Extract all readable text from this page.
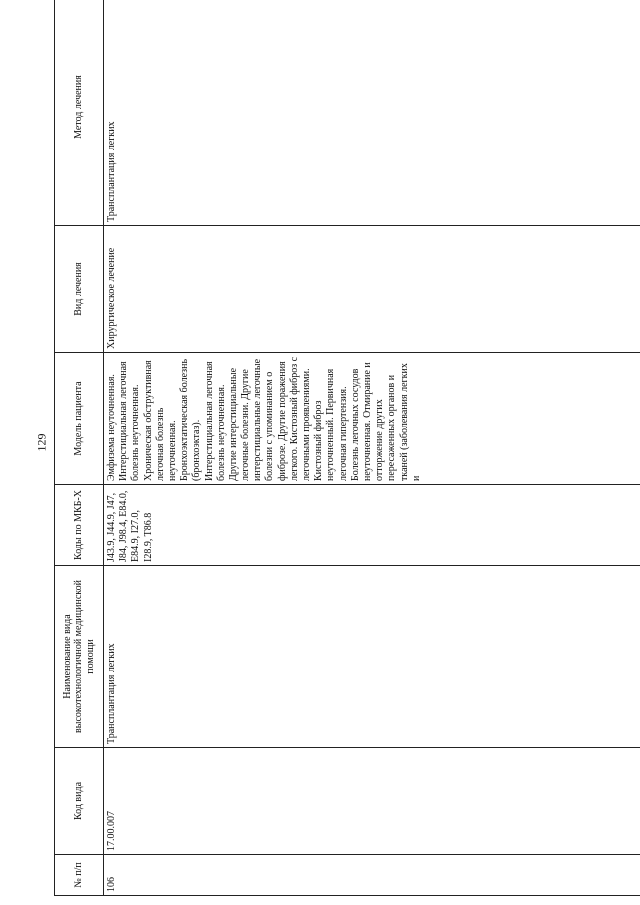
129
№ п/п	Код вида	Наименование вида высокотехнологичной медицинской помощи	Коды по МКБ-Х	Модель пациента	Вид лечения	Метод лечения
106	17.00.007	Трансплантация легких	J43.9, J44.9, J47, J84, J98.4, E84.0, E84.9, I27.0, I28.9, T86.8	Эмфизема неуточненная. Интерстициальная легочная болезнь неуточненная. Хроническая обструктивная легочная болезнь неуточненная. Бронхоэктатическая болезнь (бронхоэктаз). Интерстициальная легочная болезнь неуточненная. Другие интерстициальные легочные болезни. Другие интерстициальные легочные болезни с упоминанием о фиброзе. Другие поражения легкого. Кистозный фиброз с легочными проявлениями. Кистозный фиброз неуточненный. Первичная легочная гипертензия. Болезнь легочных сосудов неуточненная. Отмирание и отторжение других пересаженных органов и тканей (заболевания легких и	Хирургическое лечение	Трансплантация легких
